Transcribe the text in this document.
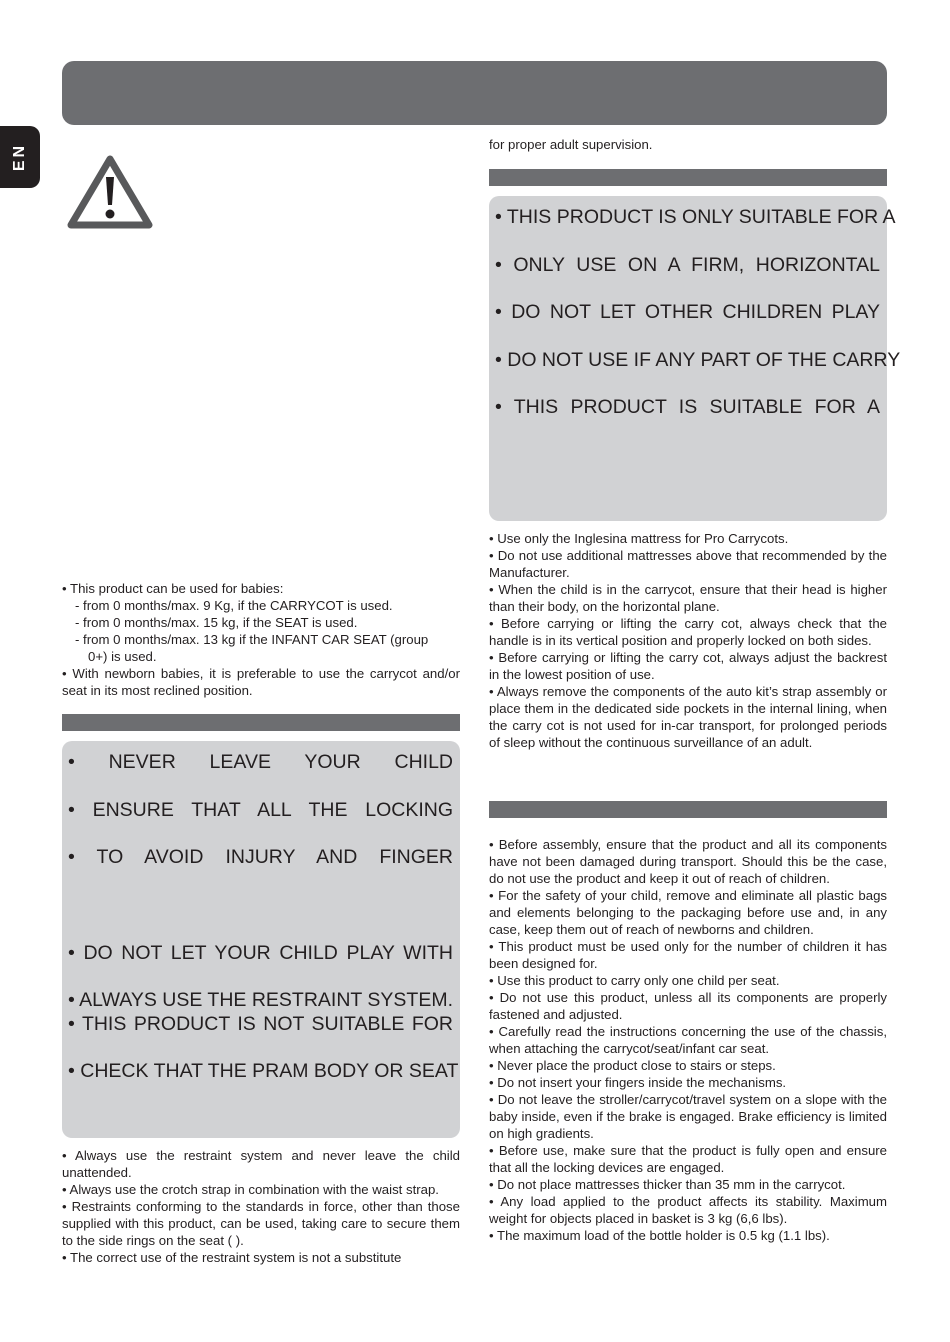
EN

• This product can be used for babies:

- from 0 months/max. 9 Kg, if the CARRYCOT is used.

- from 0 months/max. 15 kg, if the SEAT is used.

- from 0 months/max. 13 kg if the INFANT CAR SEAT (group

0+) is used.

• With newborn babies, it is preferable to use the carrycot and/or seat in its most reclined position.

• NEVER LEAVE YOUR CHILD
• ENSURE THAT ALL THE LOCKING
• TO AVOID INJURY AND FINGER
• DO NOT LET YOUR CHILD PLAY WITH
• ALWAYS USE THE RESTRAINT SYSTEM.
• THIS PRODUCT IS NOT SUITABLE FOR
• CHECK THAT THE PRAM BODY OR SEAT

• Always use the restraint system and never leave the child unattended.

• Always use the crotch strap in combination with the waist strap.

• Restraints conforming to the standards in force, other than those supplied with this product, can be used, taking care to secure them to the side rings on the seat ( ).

• The correct use of the restraint system is not a substitute

for proper adult supervision.

• THIS PRODUCT IS ONLY SUITABLE FOR A
• ONLY USE ON A FIRM, HORIZONTAL
• DO NOT LET OTHER CHILDREN PLAY
• DO NOT USE IF ANY PART OF THE CARRY
• THIS PRODUCT IS SUITABLE FOR A

• Use only the Inglesina mattress for Pro Carrycots.

• Do not use additional mattresses above that recommended by the Manufacturer.

• When the child is in the carrycot, ensure that their head is higher than their body, on the horizontal plane.

• Before carrying or lifting the carry cot, always check that the handle is in its vertical position and properly locked on both sides.

• Before carrying or lifting the carry cot, always adjust the backrest in the lowest position of use.

• Always remove the components of the auto kit’s strap assembly or place them in the dedicated side pockets in the internal lining, when the carry cot is not used for in-car transport, for prolonged periods of sleep without the continuous surveillance of an adult.

• Before assembly, ensure that the product and all its components have not been damaged during transport. Should this be the case, do not use the product and keep it out of reach of children.

• For the safety of your child, remove and eliminate all plastic bags and elements belonging to the packaging before use and, in any case, keep them out of reach of newborns and children.

• This product must be used only for the number of children it has been designed for.

• Use this product to carry only one child per seat.

• Do not use this product, unless all its components are properly fastened and adjusted.

• Carefully read the instructions concerning the use of the chassis, when attaching the carrycot/seat/infant car seat.

• Never place the product close to stairs or steps.

• Do not insert your fingers inside the mechanisms.

• Do not leave the stroller/carrycot/travel system on a slope with the baby inside, even if the brake is engaged. Brake efficiency is limited on high gradients.

• Before use, make sure that the product is fully open and ensure that all the locking devices are engaged.

• Do not place mattresses thicker than 35 mm in the carrycot.

• Any load applied to the product affects its stability. Maximum weight for objects placed in basket is 3 kg (6,6 lbs).

• The maximum load of the bottle holder is 0.5 kg (1.1 lbs).
